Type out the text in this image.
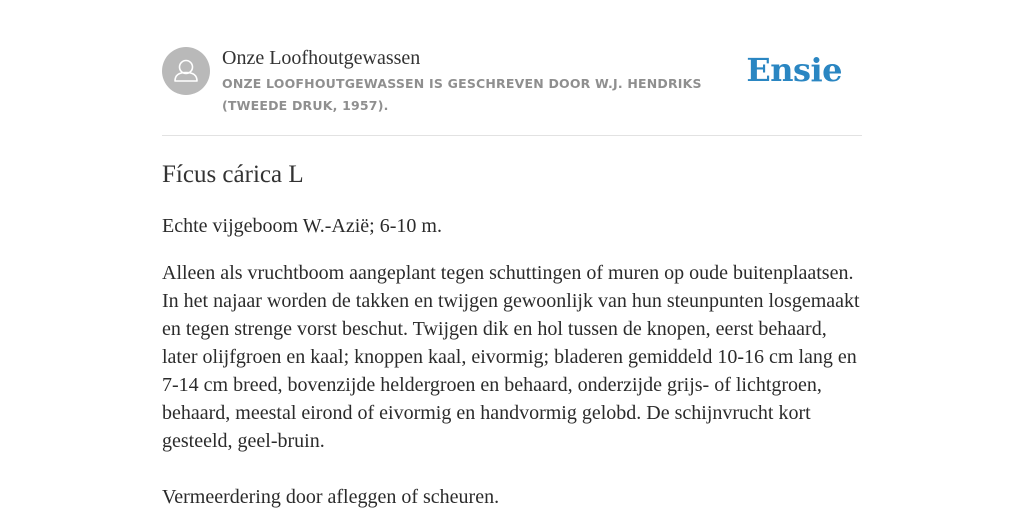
Onze Loofhoutgewassen
ONZE LOOFHOUTGEWASSEN IS GESCHREVEN DOOR W.J. HENDRIKS (TWEEDE DRUK, 1957).
Ensie
Fícus cárica L

Echte vijgeboom W.-Azië; 6-10 m.

Alleen als vruchtboom aangeplant tegen schuttingen of muren op oude buitenplaatsen. In het najaar worden de takken en twijgen gewoonlijk van hun steunpunten losgemaakt en tegen strenge vorst beschut. Twijgen dik en hol tussen de knopen, eerst behaard, later olijfgroen en kaal; knoppen kaal, eivormig; bladeren gemiddeld 10-16 cm lang en 7-14 cm breed, bovenzijde heldergroen en behaard, onderzijde grijs- of lichtgroen, behaard, meestal eirond of eivormig en handvormig gelobd. De schijnvrucht kort gesteeld, geel-bruin.

Vermeerdering door afleggen of scheuren.
